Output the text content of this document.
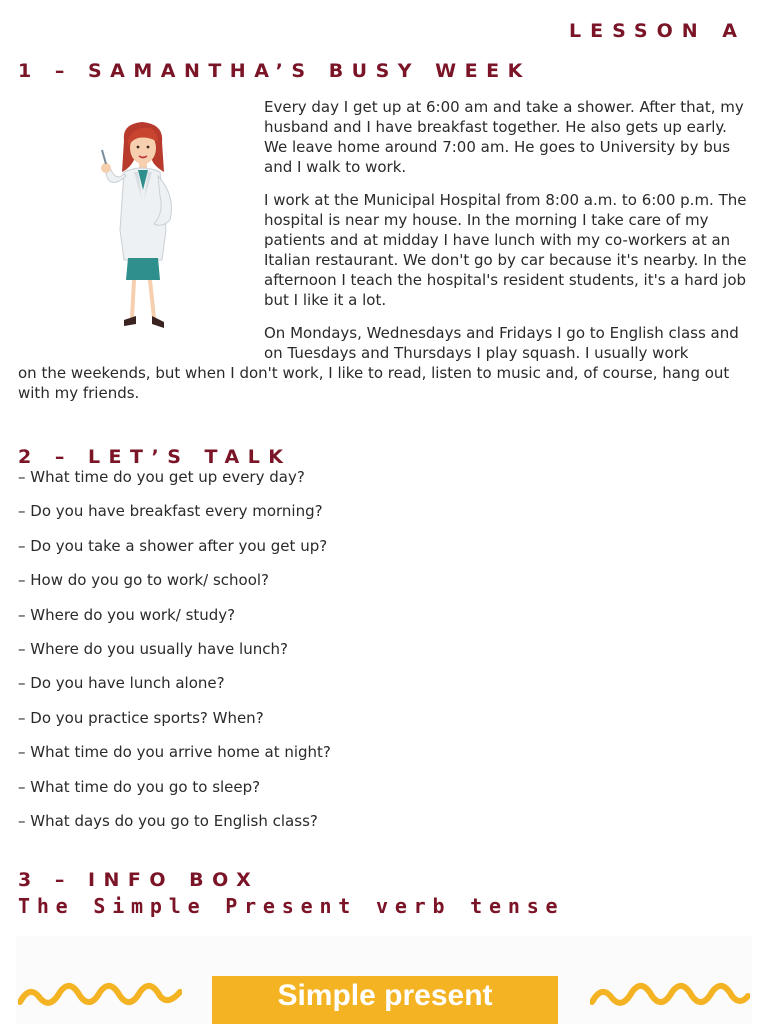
LESSON A
1 – SAMANTHA’S BUSY WEEK

Every day I get up at 6:00 am and take a shower. After that, my husband and I have breakfast together. He also gets up early. We leave home around 7:00 am. He goes to University by bus and I walk to work.

I work at the Municipal Hospital from 8:00 a.m. to 6:00 p.m. The hospital is near my house. In the morning I take care of my patients and at midday I have lunch with my co-workers at an Italian restaurant. We don't go by car because it's nearby. In the afternoon I teach the hospital's resident students, it's a hard job but I like it a lot.

On Mondays, Wednesdays and Fridays I go to English class and on Tuesdays and Thursdays I play squash. I usually work

on the weekends, but when I don't work, I like to read, listen to music and, of course, hang out with my friends.

2 – LET’S TALK
– What time do you get up every day?
– Do you have breakfast every morning?
– Do you take a shower after you get up?
– How do you go to work/ school?
– Where do you work/ study?
– Where do you usually have lunch?
– Do you have lunch alone?
– Do you practice sports? When?
– What time do you arrive home at night?
– What time do you go to sleep?
– What days do you go to English class?
3 – INFO BOX
The Simple Present verb tense
Simple present
